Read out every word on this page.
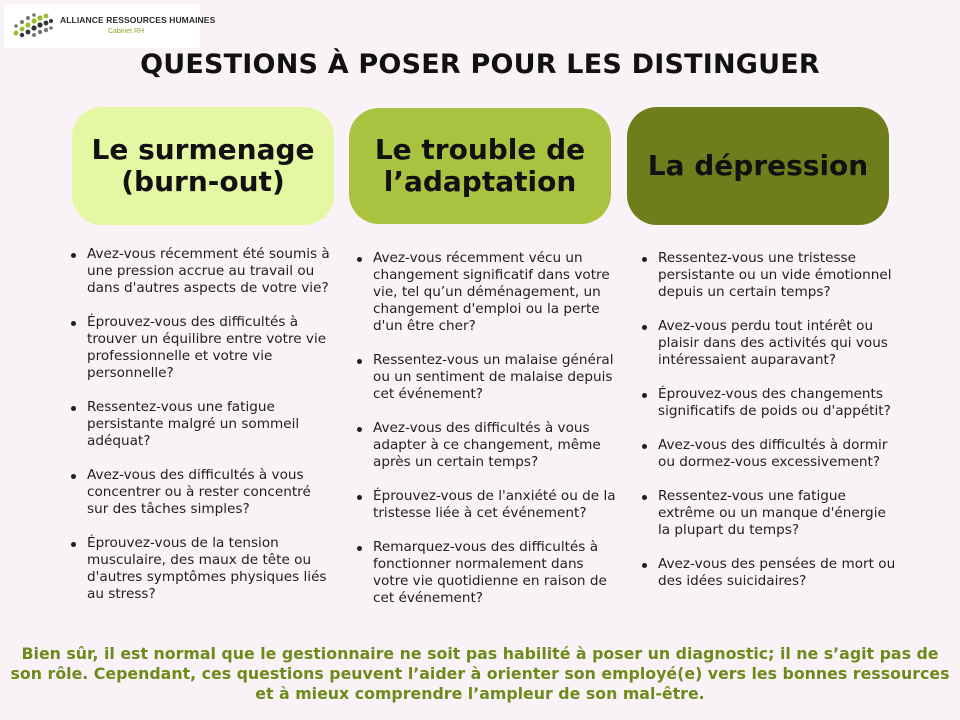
ALLIANCE RESSOURCES HUMAINES
Cabinet RH
QUESTIONS À POSER POUR LES DISTINGUER
Le surmenage (burn-out)
Le trouble de l’adaptation	La dépression
Avez-vous récemment été soumis à une pression accrue au travail ou dans d'autres aspects de votre vie?
Éprouvez-vous des difficultés à trouver un équilibre entre votre vie professionnelle et votre vie personnelle?
Ressentez-vous une fatigue persistante malgré un sommeil adéquat?
Avez-vous des difficultés à vous concentrer ou à rester concentré sur des tâches simples?
Éprouvez-vous de la tension musculaire, des maux de tête ou d'autres symptômes physiques liés au stress?
Avez-vous récemment vécu un changement significatif dans votre vie, tel qu’un déménagement, un changement d'emploi ou la perte d'un être cher?
Ressentez-vous un malaise général ou un sentiment de malaise depuis cet événement?
Avez-vous des difficultés à vous adapter à ce changement, même après un certain temps?
Éprouvez-vous de l'anxiété ou de la tristesse liée à cet événement?
Remarquez-vous des difficultés à fonctionner normalement dans votre vie quotidienne en raison de cet événement?
Ressentez-vous une tristesse persistante ou un vide émotionnel depuis un certain temps?
Avez-vous perdu tout intérêt ou plaisir dans des activités qui vous intéressaient auparavant?
Éprouvez-vous des changements significatifs de poids ou d'appétit?
Avez-vous des difficultés à dormir ou dormez-vous excessivement?
Ressentez-vous une fatigue extrême ou un manque d'énergie la plupart du temps?
Avez-vous des pensées de mort ou des idées suicidaires?

Bien sûr, il est normal que le gestionnaire ne soit pas habilité à poser un diagnostic; il ne s’agit pas de son rôle. Cependant, ces questions peuvent l’aider à orienter son employé(e) vers les bonnes ressources et à mieux comprendre l’ampleur de son mal-être.
